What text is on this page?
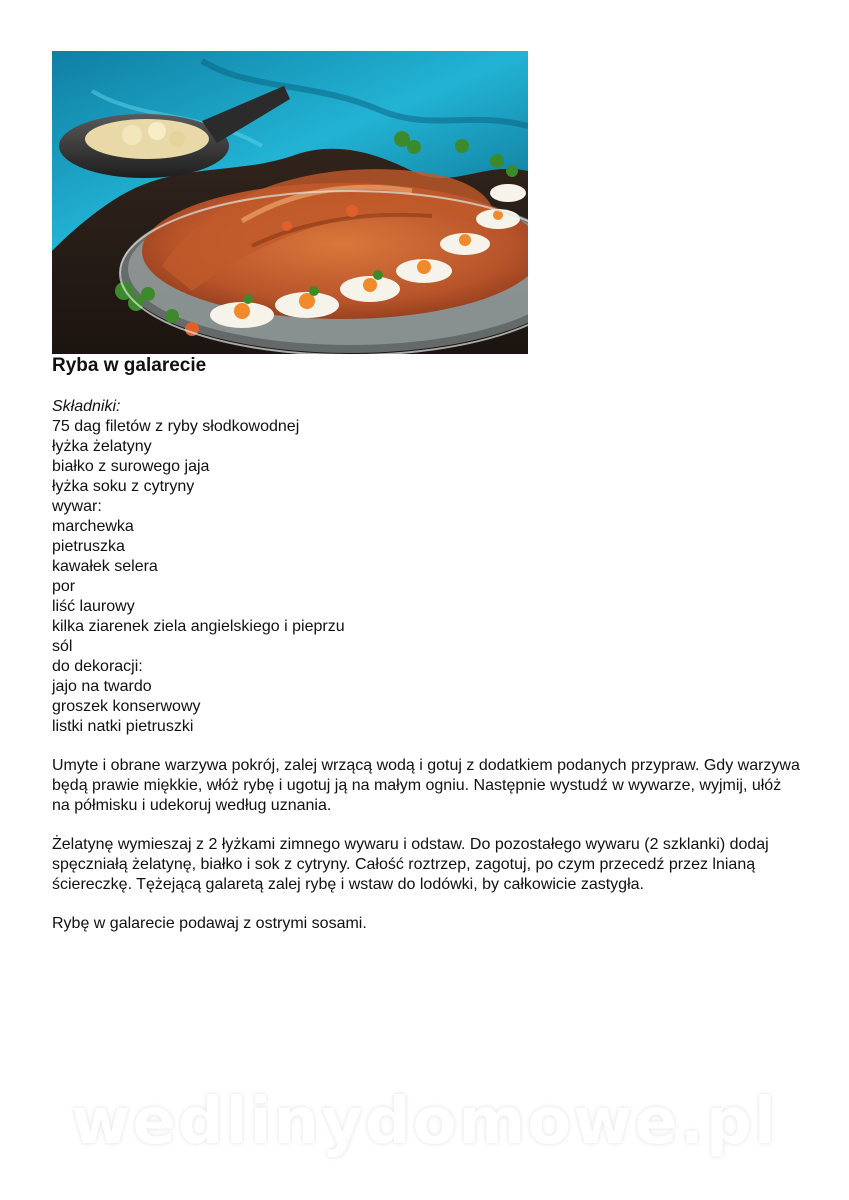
Ryba w galarecie
Składniki:
75 dag filetów z ryby słodkowodnej
łyżka żelatyny
białko z surowego jaja
łyżka soku z cytryny
wywar:
marchewka
pietruszka
kawałek selera
por
liść laurowy
kilka ziarenek ziela angielskiego i pieprzu
sól
do dekoracji:
jajo na twardo
groszek konserwowy
listki natki pietruszki

Umyte i obrane warzywa pokrój, zalej wrzącą wodą i gotuj z dodatkiem podanych przypraw. Gdy warzywa będą prawie miękkie, włóż rybę i ugotuj ją na małym ogniu. Następnie wystudź w wywarze, wyjmij, ułóż na półmisku i udekoruj według uznania.

Żelatynę wymieszaj z 2 łyżkami zimnego wywaru i odstaw. Do pozostałego wywaru (2 szklanki) dodaj spęczniałą żelatynę, białko i sok z cytryny. Całość roztrzep, zagotuj, po czym przecedź przez lnianą ściereczkę. Tężejącą galaretą zalej rybę i wstaw do lodówki, by całkowicie zastygła.

Rybę w galarecie podawaj z ostrymi sosami.

wedlinydomowe.pl
